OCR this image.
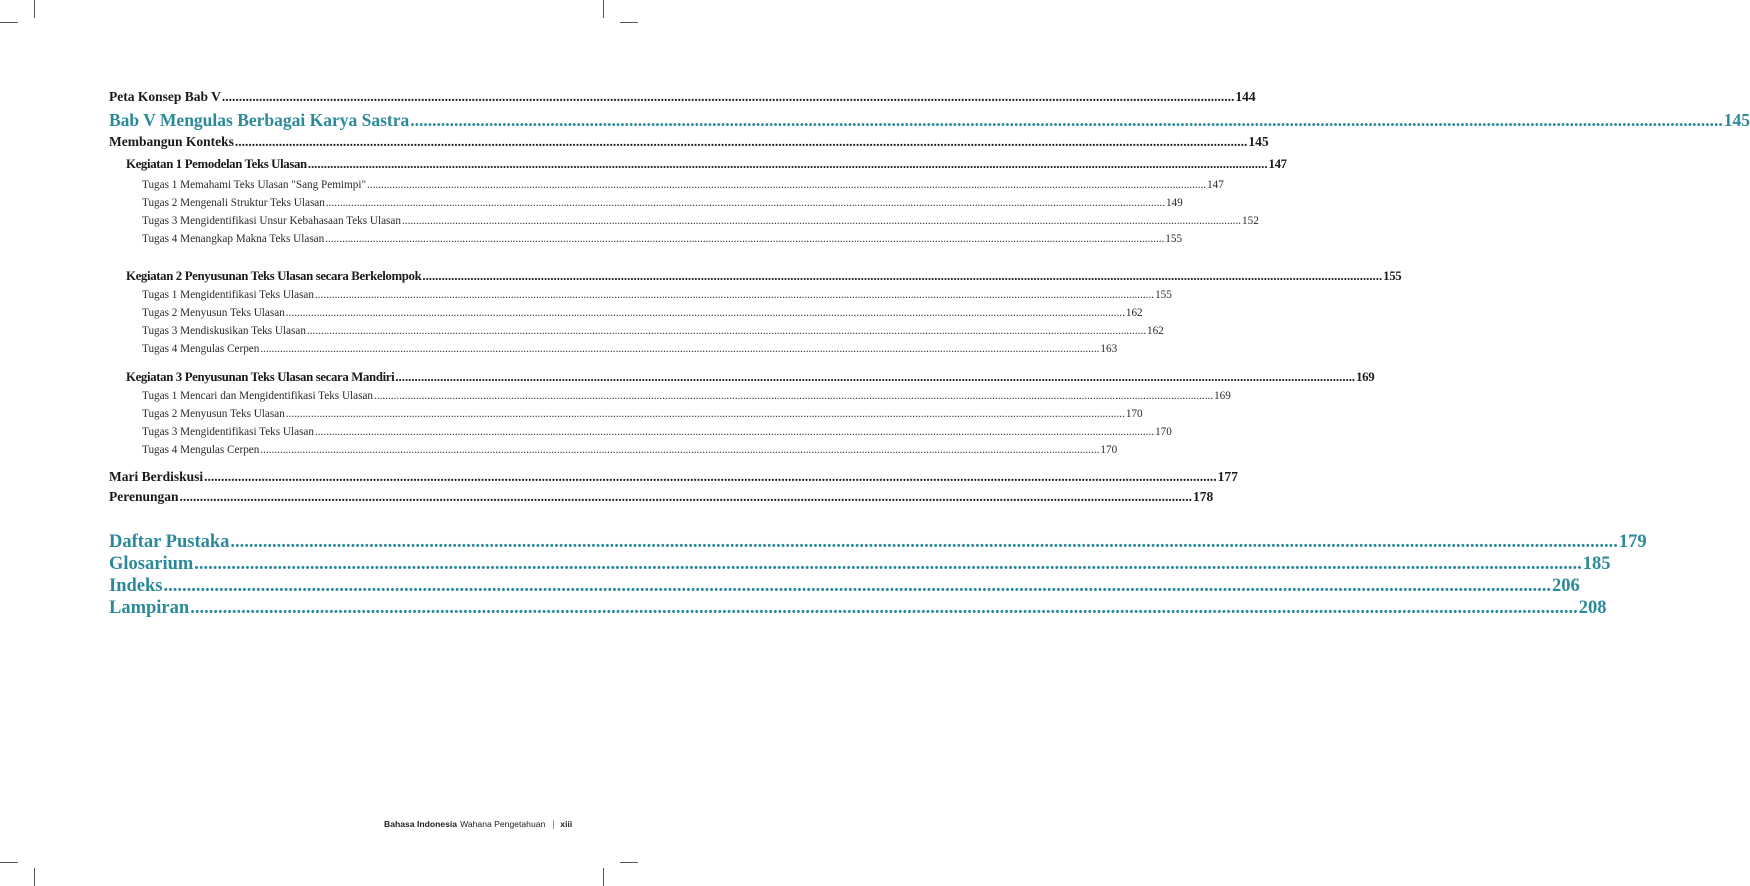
Peta Konsep Bab V ............................................................................................................................................................................................................................................................................................................ 144
Bab V Mengulas Berbagai Karya Sastra ............................................................................................................................................................................................................................................................................................................ 145
Membangun Konteks ............................................................................................................................................................................................................................................................................................................ 145
Kegiatan 1 Pemodelan Teks Ulasan ............................................................................................................................................................................................................................................................................................................ 147
Tugas 1 Memahami Teks Ulasan "Sang Pemimpi" ............................................................................................................................................................................................................................................................................................................ 147
Tugas 2 Mengenali Struktur Teks Ulasan ............................................................................................................................................................................................................................................................................................................ 149
Tugas 3 Mengidentifikasi Unsur Kebahasaan Teks Ulasan ............................................................................................................................................................................................................................................................................................................ 152
Tugas 4 Menangkap Makna Teks Ulasan ............................................................................................................................................................................................................................................................................................................ 155
Kegiatan 2 Penyusunan Teks Ulasan secara Berkelompok ............................................................................................................................................................................................................................................................................................................ 155
Tugas 1 Mengidentifikasi Teks Ulasan ............................................................................................................................................................................................................................................................................................................ 155
Tugas 2 Menyusun Teks Ulasan ............................................................................................................................................................................................................................................................................................................ 162
Tugas 3 Mendiskusikan Teks Ulasan ............................................................................................................................................................................................................................................................................................................ 162
Tugas 4 Mengulas Cerpen ............................................................................................................................................................................................................................................................................................................ 163
Kegiatan 3 Penyusunan Teks Ulasan secara Mandiri ............................................................................................................................................................................................................................................................................................................ 169
Tugas 1 Mencari dan Mengidentifikasi Teks Ulasan ............................................................................................................................................................................................................................................................................................................ 169
Tugas 2 Menyusun Teks Ulasan ............................................................................................................................................................................................................................................................................................................ 170
Tugas 3 Mengidentifikasi Teks Ulasan ............................................................................................................................................................................................................................................................................................................ 170
Tugas 4 Mengulas Cerpen ............................................................................................................................................................................................................................................................................................................ 170
Mari Berdiskusi ............................................................................................................................................................................................................................................................................................................ 177
Perenungan ............................................................................................................................................................................................................................................................................................................ 178
Daftar Pustaka ............................................................................................................................................................................................................................................................................................................ 179
Glosarium ............................................................................................................................................................................................................................................................................................................ 185
Indeks ............................................................................................................................................................................................................................................................................................................ 206
Lampiran ............................................................................................................................................................................................................................................................................................................ 208
Bahasa Indonesia Wahana Pengetahuan xiii
